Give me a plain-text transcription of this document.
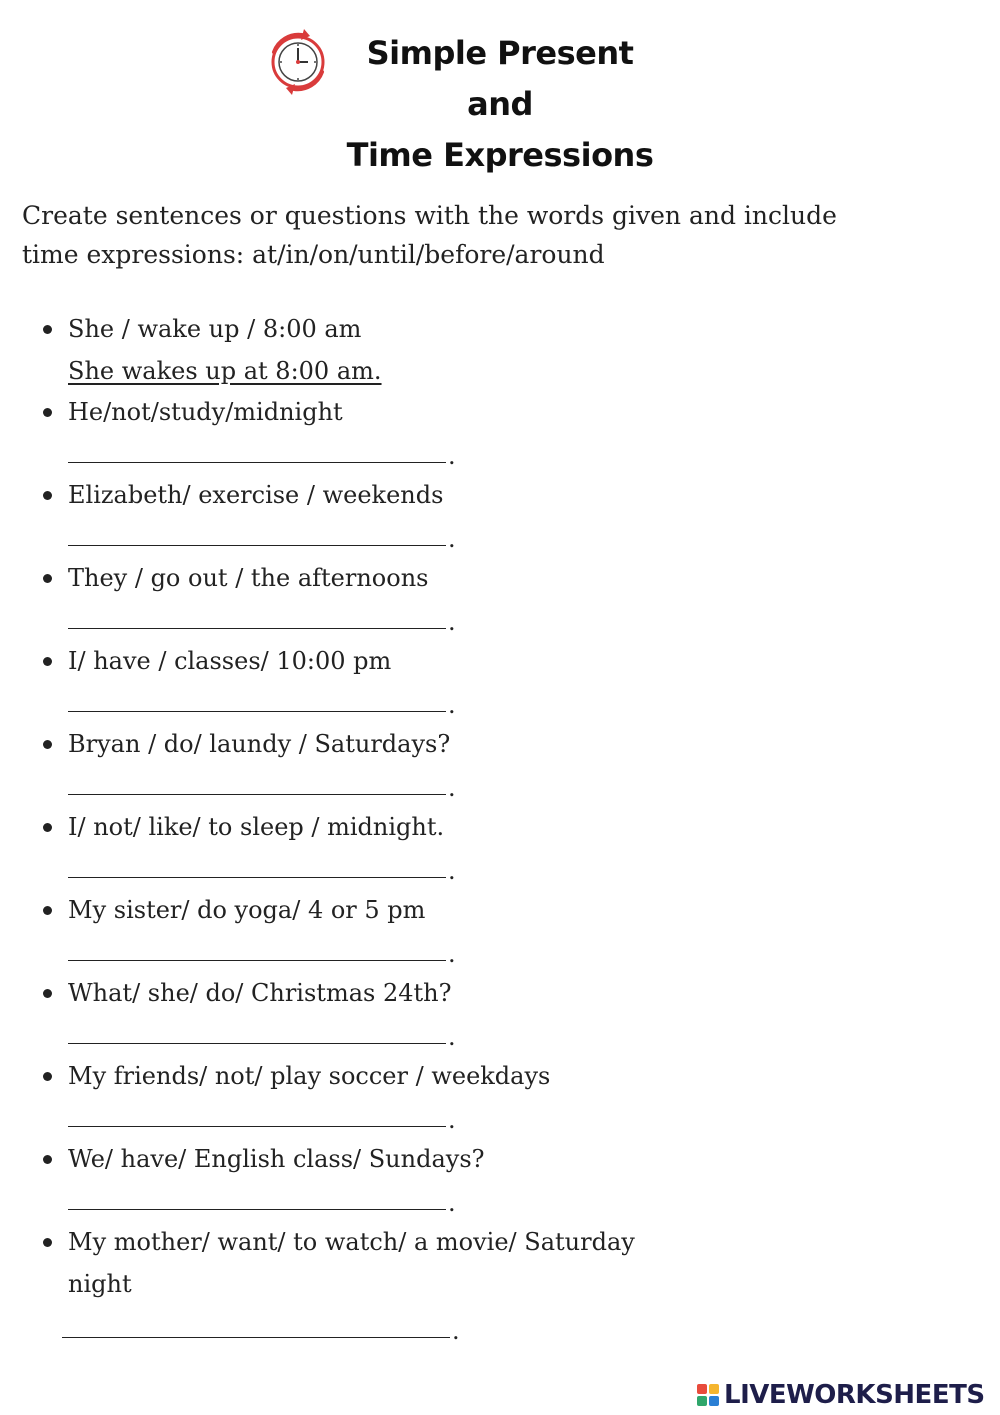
Simple Present
and
Time Expressions
Create sentences or questions with the words given and include
time expressions: at/in/on/until/before/around
She / wake up / 8:00 am
She wakes up at 8:00 am.
He/not/study/midnight
.
Elizabeth/ exercise / weekends
.
They / go out / the afternoons
.
I/ have / classes/ 10:00 pm
.
Bryan / do/ laundy / Saturdays?
.
I/ not/ like/ to sleep / midnight.
.
My sister/ do yoga/ 4 or 5 pm
.
What/ she/ do/ Christmas 24th?
.
My friends/ not/ play soccer / weekdays
.
We/ have/ English class/ Sundays?
.
My mother/ want/ to watch/ a movie/ Saturday
night
.
LIVEWORKSHEETS
